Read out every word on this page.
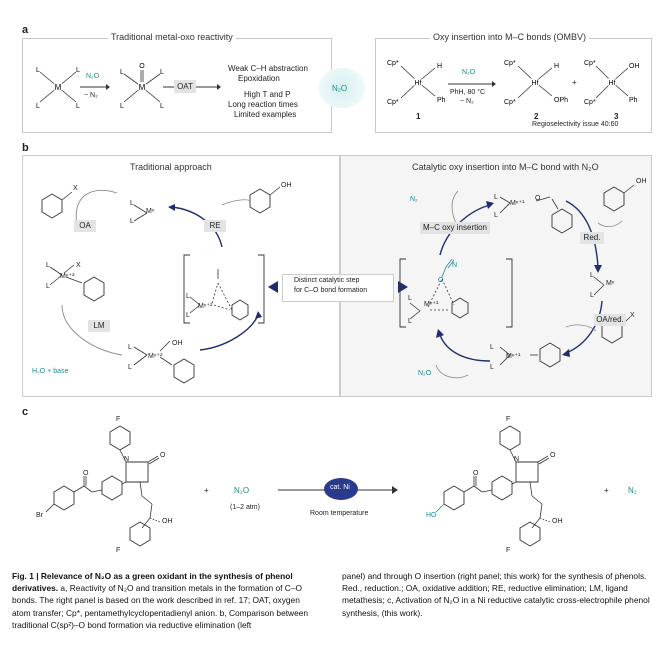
a
Traditional metal-oxo reactivity	Oxy insertion into M–C bonds (OMBV)
M
L	L
L	L
N₂O
− N₂
M
O
L	L
L	L
OAT
Weak C–H abstraction
Epoxidation
High T and P
Long reaction times
Limited examples
N₂O
Hf
Cp*
Cp*
H
Ph
1
N₂O
PhH, 80 °C
− N₂
Hf
Cp*
Cp*
H
OPh
2
+	Hf
Cp*
Cp*
OH
Ph
3
Regioselectivity issue 40:60
b
Traditional approach	Catalytic oxy insertion into M–C bond with N₂O
X	OH
L
L
Mⁿ
OA	RE
L
L
Mⁿ⁺²
X
LM
H₂O + base
L
L
Mⁿ⁺²
OH
Mⁿ⁺²
L
L
Distinct catalytic step
for C–O bond formation
N₂	L
L
Mⁿ⁺¹
O
OH
M–C oxy insertion
Red.
Mⁿ
L
L
OA/red. X
Mⁿ⁺¹
L
L
O
N
Mⁿ⁺¹
L
L
N₂O
c
F
N
O
O
Br
OH
F
+	N₂O
(1–2 atm)
cat. Ni
Room temperature
F
N
O
O
HO
OH
F
+ N₂
Fig. 1 | Relevance of N₂O as a green oxidant in the synthesis of phenol derivatives. a, Reactivity of N₂O and transition metals in the formation of C–O bonds. The right panel is based on the work described in ref. 17; OAT, oxygen atom transfer; Cp*, pentamethylcyclopentadienyl anion. b, Comparison between traditional C(sp²)–O bond formation via reductive elimination (left
panel) and through O insertion (right panel; this work) for the synthesis of phenols. Red., reduction.; OA, oxidative addition; RE, reductive elimination; LM, ligand metathesis; c, Activation of N₂O in a Ni reductive catalytic cross-electrophile phenol synthesis, (this work).
